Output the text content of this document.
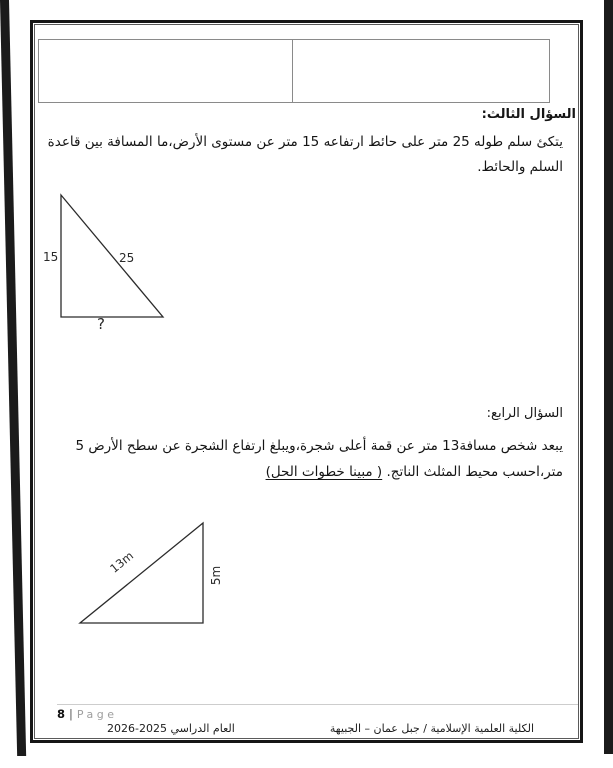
السؤال الثالث:
يتكئ سلم طوله 25 متر على حائط ارتفاعه 15 متر عن مستوى الأرض،ما المسافة بين قاعدة
السلم والحائط.
15	25
?
السؤال الرابع:
يبعد شخص مسافة13 متر عن قمة أعلى شجرة،ويبلغ ارتفاع الشجرة عن سطح الأرض 5
متر،احسب محيط المثلث الناتج. ( مبينا خطوات الحل)
13m	5m
8 | Page
العام الدراسي 2025-2026	الكلية العلمية الإسلامية / جبل عمان – الجبيهة
